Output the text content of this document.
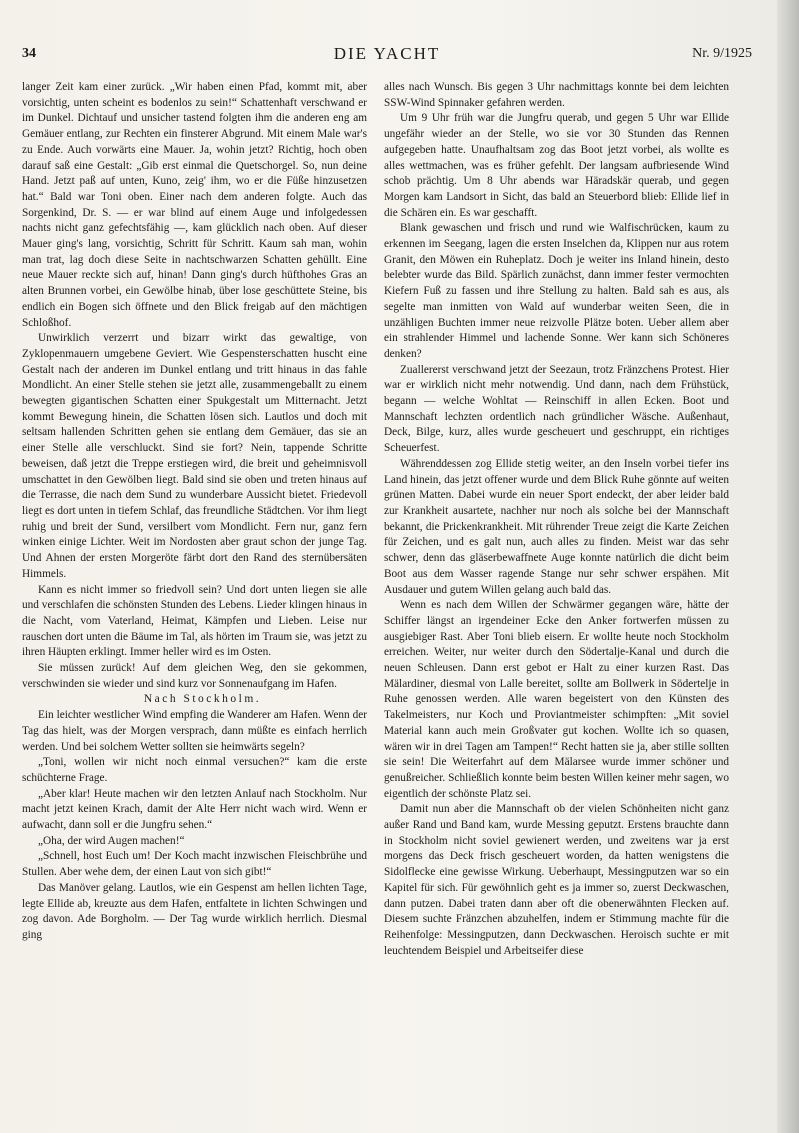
34	DIE YACHT	Nr. 9/1925

langer Zeit kam einer zurück. „Wir haben einen Pfad, kommt mit, aber vorsichtig, unten scheint es bodenlos zu sein!“ Schattenhaft verschwand er im Dunkel. Dichtauf und unsicher tastend folgten ihm die anderen eng am Gemäuer entlang, zur Rechten ein finsterer Abgrund. Mit einem Male war's zu Ende. Auch vorwärts eine Mauer. Ja, wohin jetzt? Richtig, hoch oben darauf saß eine Gestalt: „Gib erst einmal die Quetschorgel. So, nun deine Hand. Jetzt paß auf unten, Kuno, zeig' ihm, wo er die Füße hinzusetzen hat.“ Bald war Toni oben. Einer nach dem anderen folgte. Auch das Sorgenkind, Dr. S. — er war blind auf einem Auge und infolgedessen nachts nicht ganz gefechtsfähig —, kam glücklich nach oben. Auf dieser Mauer ging's lang, vorsichtig, Schritt für Schritt. Kaum sah man, wohin man trat, lag doch diese Seite in nachtschwarzen Schatten gehüllt. Eine neue Mauer reckte sich auf, hinan! Dann ging's durch hüfthohes Gras an alten Brunnen vorbei, ein Gewölbe hinab, über lose geschüttete Steine, bis endlich ein Bogen sich öffnete und den Blick freigab auf den mächtigen Schloßhof.

Unwirklich verzerrt und bizarr wirkt das gewaltige, von Zyklopenmauern umgebene Geviert. Wie Gespensterschatten huscht eine Gestalt nach der anderen im Dunkel entlang und tritt hinaus in das fahle Mondlicht. An einer Stelle stehen sie jetzt alle, zusammengeballt zu einem bewegten gigantischen Schatten einer Spukgestalt um Mitternacht. Jetzt kommt Bewegung hinein, die Schatten lösen sich. Lautlos und doch mit seltsam hallenden Schritten gehen sie entlang dem Gemäuer, das sie an einer Stelle alle verschluckt. Sind sie fort? Nein, tappende Schritte beweisen, daß jetzt die Treppe erstiegen wird, die breit und geheimnisvoll umschattet in den Gewölben liegt. Bald sind sie oben und treten hinaus auf die Terrasse, die nach dem Sund zu wunderbare Aussicht bietet. Friedevoll liegt es dort unten in tiefem Schlaf, das freundliche Städtchen. Vor ihm liegt ruhig und breit der Sund, versilbert vom Mondlicht. Fern nur, ganz fern winken einige Lichter. Weit im Nordosten aber graut schon der junge Tag. Und Ahnen der ersten Morgeröte färbt dort den Rand des sternübersäten Himmels.

Kann es nicht immer so friedvoll sein? Und dort unten liegen sie alle und verschlafen die schönsten Stunden des Lebens. Lieder klingen hinaus in die Nacht, vom Vaterland, Heimat, Kämpfen und Lieben. Leise nur rauschen dort unten die Bäume im Tal, als hörten im Traum sie, was jetzt zu ihren Häupten erklingt. Immer heller wird es im Osten.

Sie müssen zurück! Auf dem gleichen Weg, den sie gekommen, verschwinden sie wieder und sind kurz vor Sonnenaufgang im Hafen.

Nach Stockholm.

Ein leichter westlicher Wind empfing die Wanderer am Hafen. Wenn der Tag das hielt, was der Morgen versprach, dann müßte es einfach herrlich werden. Und bei solchem Wetter sollten sie heimwärts segeln?

„Toni, wollen wir nicht noch einmal versuchen?“ kam die erste schüchterne Frage.

„Aber klar! Heute machen wir den letzten Anlauf nach Stockholm. Nur macht jetzt keinen Krach, damit der Alte Herr nicht wach wird. Wenn er aufwacht, dann soll er die Jungfru sehen.“

„Oha, der wird Augen machen!“

„Schnell, host Euch um! Der Koch macht inzwischen Fleischbrühe und Stullen. Aber wehe dem, der einen Laut von sich gibt!“

Das Manöver gelang. Lautlos, wie ein Gespenst am hellen lichten Tage, legte Ellide ab, kreuzte aus dem Hafen, entfaltete in lichten Schwingen und zog davon. Ade Borgholm. — Der Tag wurde wirklich herrlich. Diesmal ging

alles nach Wunsch. Bis gegen 3 Uhr nachmittags konnte bei dem leichten SSW-Wind Spinnaker gefahren werden.

Um 9 Uhr früh war die Jungfru querab, und gegen 5 Uhr war Ellide ungefähr wieder an der Stelle, wo sie vor 30 Stunden das Rennen aufgegeben hatte. Unaufhaltsam zog das Boot jetzt vorbei, als wollte es alles wettmachen, was es früher gefehlt. Der langsam aufbriesende Wind schob prächtig. Um 8 Uhr abends war Häradskär querab, und gegen Morgen kam Landsort in Sicht, das bald an Steuerbord blieb: Ellide lief in die Schären ein. Es war geschafft.

Blank gewaschen und frisch und rund wie Walfischrücken, kaum zu erkennen im Seegang, lagen die ersten Inselchen da, Klippen nur aus rotem Granit, den Möwen ein Ruheplatz. Doch je weiter ins Inland hinein, desto belebter wurde das Bild. Spärlich zunächst, dann immer fester vermochten Kiefern Fuß zu fassen und ihre Stellung zu halten. Bald sah es aus, als segelte man inmitten von Wald auf wunderbar weiten Seen, die in unzähligen Buchten immer neue reizvolle Plätze boten. Ueber allem aber ein strahlender Himmel und lachende Sonne. Wer kann sich Schöneres denken?

Zuallererst verschwand jetzt der Seezaun, trotz Fränzchens Protest. Hier war er wirklich nicht mehr notwendig. Und dann, nach dem Frühstück, begann — welche Wohltat — Reinschiff in allen Ecken. Boot und Mannschaft lechzten ordentlich nach gründlicher Wäsche. Außenhaut, Deck, Bilge, kurz, alles wurde gescheuert und geschruppt, ein richtiges Scheuerfest.

Währenddessen zog Ellide stetig weiter, an den Inseln vorbei tiefer ins Land hinein, das jetzt offener wurde und dem Blick Ruhe gönnte auf weiten grünen Matten. Dabei wurde ein neuer Sport endeckt, der aber leider bald zur Krankheit ausartete, nachher nur noch als solche bei der Mannschaft bekannt, die Prickenkrankheit. Mit rührender Treue zeigt die Karte Zeichen für Zeichen, und es galt nun, auch alles zu finden. Meist war das sehr schwer, denn das gläserbewaffnete Auge konnte natürlich die dicht beim Boot aus dem Wasser ragende Stange nur sehr schwer erspähen. Mit Ausdauer und gutem Willen gelang auch bald das.

Wenn es nach dem Willen der Schwärmer gegangen wäre, hätte der Schiffer längst an irgendeiner Ecke den Anker fortwerfen müssen zu ausgiebiger Rast. Aber Toni blieb eisern. Er wollte heute noch Stockholm erreichen. Weiter, nur weiter durch den Södertalje-Kanal und durch die neuen Schleusen. Dann erst gebot er Halt zu einer kurzen Rast. Das Mälardiner, diesmal von Lalle bereitet, sollte am Bollwerk in Södertelje in Ruhe genossen werden. Alle waren begeistert von den Künsten des Takelmeisters, nur Koch und Proviantmeister schimpften: „Mit soviel Material kann auch mein Großvater gut kochen. Wollte ich so quasen, wären wir in drei Tagen am Tampen!“ Recht hatten sie ja, aber stille sollten sie sein! Die Weiterfahrt auf dem Mälarsee wurde immer schöner und genußreicher. Schließlich konnte beim besten Willen keiner mehr sagen, wo eigentlich der schönste Platz sei.

Damit nun aber die Mannschaft ob der vielen Schönheiten nicht ganz außer Rand und Band kam, wurde Messing geputzt. Erstens brauchte dann in Stockholm nicht soviel gewienert werden, und zweitens war ja erst morgens das Deck frisch gescheuert worden, da hatten wenigstens die Sidolflecke eine gewisse Wirkung. Ueberhaupt, Messingputzen war so ein Kapitel für sich. Für gewöhnlich geht es ja immer so, zuerst Deckwaschen, dann putzen. Dabei traten dann aber oft die obenerwähnten Flecken auf. Diesem suchte Fränzchen abzuhelfen, indem er Stimmung machte für die Reihenfolge: Messingputzen, dann Deckwaschen. Heroisch suchte er mit leuchtendem Beispiel und Arbeitseifer diese
